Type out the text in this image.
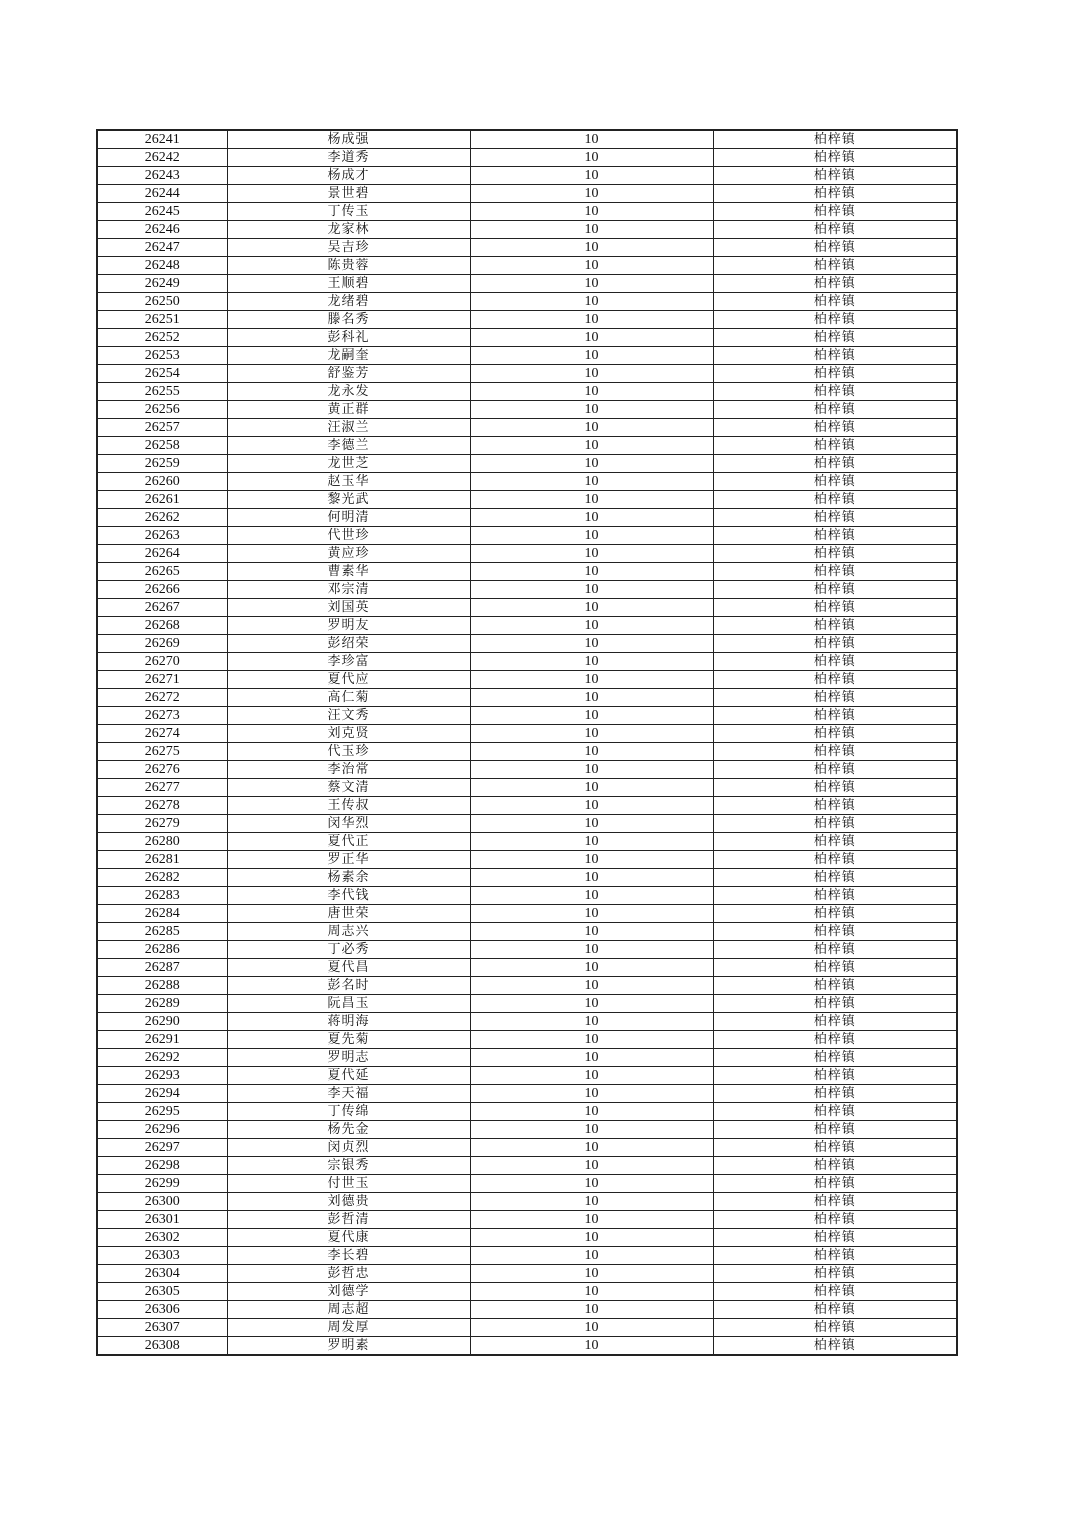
26241	杨成强	10	柏梓镇
26242	李道秀	10	柏梓镇
26243	杨成才	10	柏梓镇
26244	景世碧	10	柏梓镇
26245	丁传玉	10	柏梓镇
26246	龙家林	10	柏梓镇
26247	吴吉珍	10	柏梓镇
26248	陈贵蓉	10	柏梓镇
26249	王顺碧	10	柏梓镇
26250	龙绪碧	10	柏梓镇
26251	滕名秀	10	柏梓镇
26252	彭科礼	10	柏梓镇
26253	龙嗣奎	10	柏梓镇
26254	舒鉴芳	10	柏梓镇
26255	龙永发	10	柏梓镇
26256	黄正群	10	柏梓镇
26257	汪淑兰	10	柏梓镇
26258	李德兰	10	柏梓镇
26259	龙世芝	10	柏梓镇
26260	赵玉华	10	柏梓镇
26261	黎光武	10	柏梓镇
26262	何明清	10	柏梓镇
26263	代世珍	10	柏梓镇
26264	黄应珍	10	柏梓镇
26265	曹素华	10	柏梓镇
26266	邓宗清	10	柏梓镇
26267	刘国英	10	柏梓镇
26268	罗明友	10	柏梓镇
26269	彭绍荣	10	柏梓镇
26270	李珍富	10	柏梓镇
26271	夏代应	10	柏梓镇
26272	高仁菊	10	柏梓镇
26273	汪文秀	10	柏梓镇
26274	刘克贤	10	柏梓镇
26275	代玉珍	10	柏梓镇
26276	李治常	10	柏梓镇
26277	蔡文清	10	柏梓镇
26278	王传叔	10	柏梓镇
26279	闵华烈	10	柏梓镇
26280	夏代正	10	柏梓镇
26281	罗正华	10	柏梓镇
26282	杨素余	10	柏梓镇
26283	李代钱	10	柏梓镇
26284	唐世荣	10	柏梓镇
26285	周志兴	10	柏梓镇
26286	丁必秀	10	柏梓镇
26287	夏代昌	10	柏梓镇
26288	彭名时	10	柏梓镇
26289	阮昌玉	10	柏梓镇
26290	蒋明海	10	柏梓镇
26291	夏先菊	10	柏梓镇
26292	罗明志	10	柏梓镇
26293	夏代延	10	柏梓镇
26294	李天福	10	柏梓镇
26295	丁传绵	10	柏梓镇
26296	杨先金	10	柏梓镇
26297	闵贞烈	10	柏梓镇
26298	宗银秀	10	柏梓镇
26299	付世玉	10	柏梓镇
26300	刘德贵	10	柏梓镇
26301	彭哲清	10	柏梓镇
26302	夏代康	10	柏梓镇
26303	李长碧	10	柏梓镇
26304	彭哲忠	10	柏梓镇
26305	刘德学	10	柏梓镇
26306	周志超	10	柏梓镇
26307	周发厚	10	柏梓镇
26308	罗明素	10	柏梓镇
